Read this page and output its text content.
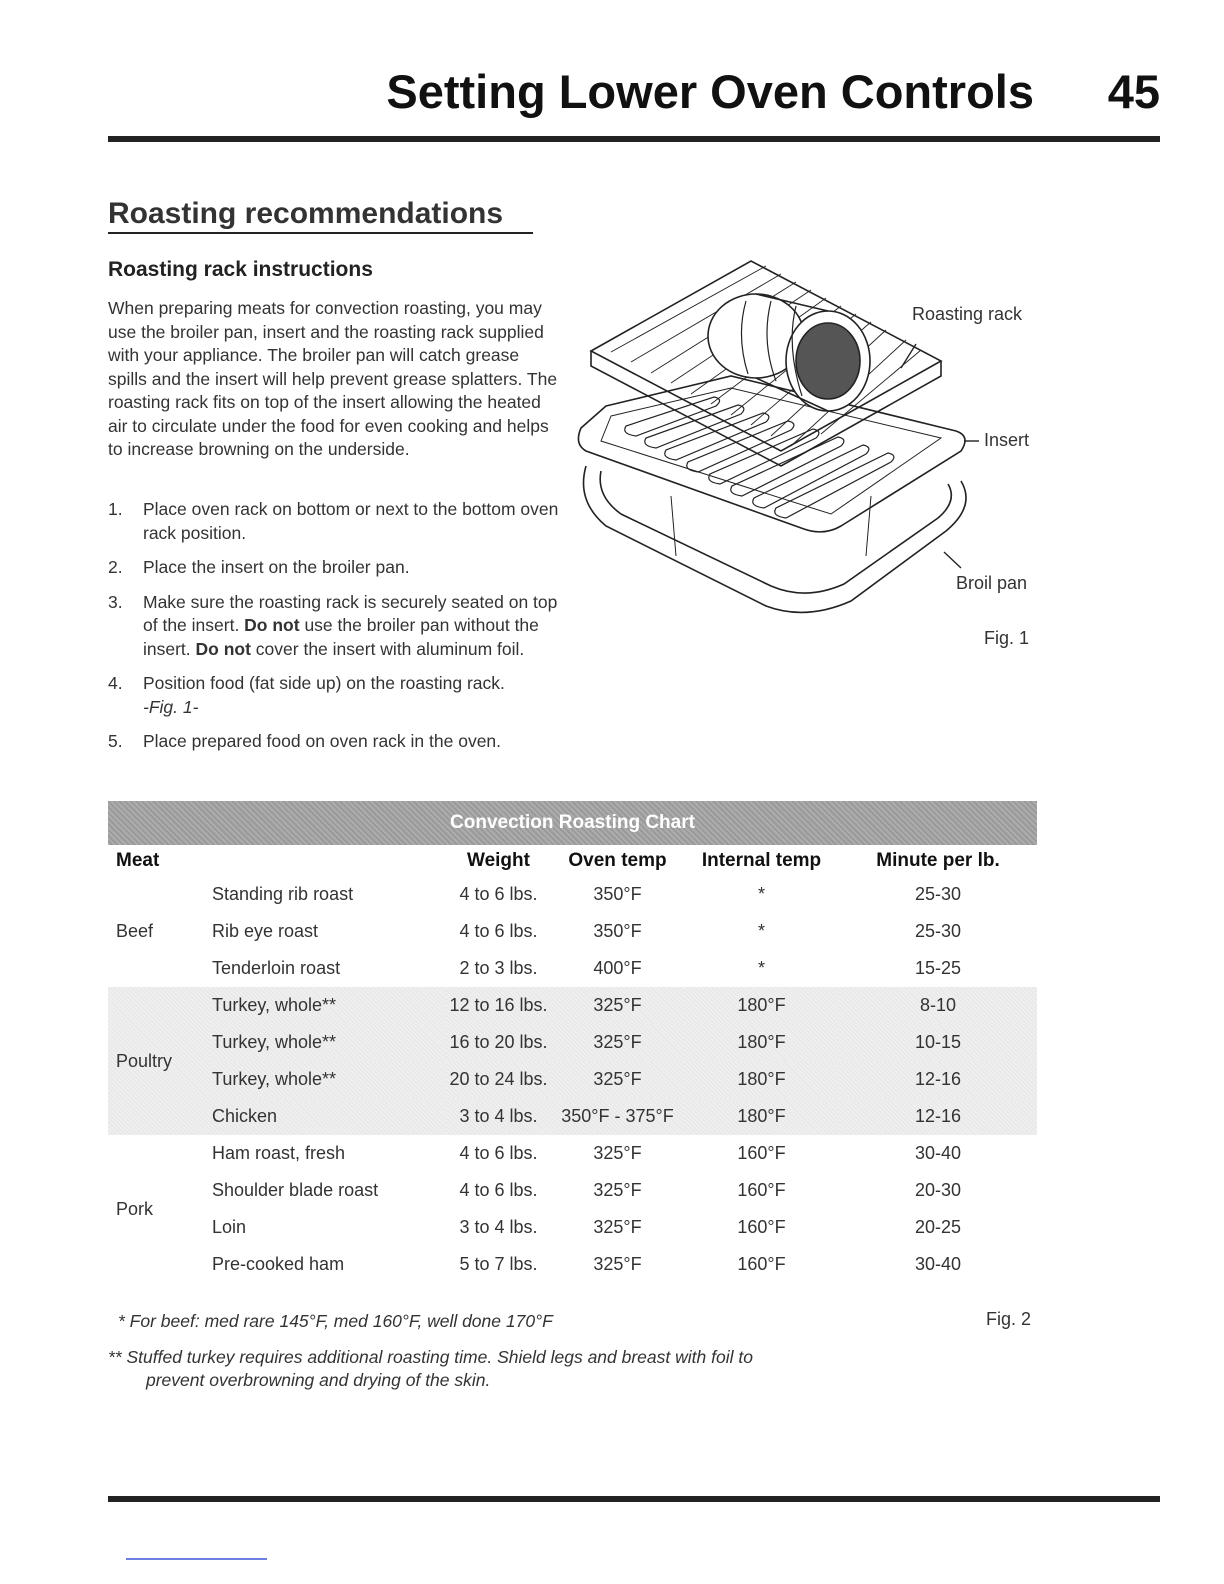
Setting Lower Oven Controls 45
Roasting recommendations
Roasting rack instructions

When preparing meats for convection roasting, you may use the broiler pan, insert and the roasting rack supplied with your appliance. The broiler pan will catch grease spills and the insert will help prevent grease splatters. The roasting rack fits on top of the insert allowing the heated air to circulate under the food for even cooking and helps to increase browning on the underside.

1. Place oven rack on bottom or next to the bottom oven rack position.
2. Place the insert on the broiler pan.
3. Make sure the roasting rack is securely seated on top of the insert. Do not use the broiler pan without the insert. Do not cover the insert with aluminum foil.
4. Position food (fat side up) on the roasting rack.
-Fig. 1-
5. Place prepared food on oven rack in the oven.
Roasting rack
Insert
Broil pan
Fig. 1
Convection Roasting Chart
Meat		Weight	Oven temp	Internal temp	Minute per lb.
Beef	Standing rib roast	4 to 6 lbs.	350°F	*	25-30
	Rib eye roast	4 to 6 lbs.	350°F	*	25-30
	Tenderloin roast	2 to 3 lbs.	400°F	*	15-25
Poultry	Turkey, whole**	12 to 16 lbs.	325°F	180°F	8-10
	Turkey, whole**	16 to 20 lbs.	325°F	180°F	10-15
	Turkey, whole**	20 to 24 lbs.	325°F	180°F	12-16
	Chicken	3 to 4 lbs.	350°F - 375°F	180°F	12-16
Pork	Ham roast, fresh	4 to 6 lbs.	325°F	160°F	30-40
	Shoulder blade roast	4 to 6 lbs.	325°F	160°F	20-30
	Loin	3 to 4 lbs.	325°F	160°F	20-25
	Pre-cooked ham	5 to 7 lbs.	325°F	160°F	30-40

* For beef: med rare 145°F, med 160°F, well done 170°F	Fig. 2

** Stuffed turkey requires additional roasting time. Shield legs and breast with foil to

prevent overbrowning and drying of the skin.
